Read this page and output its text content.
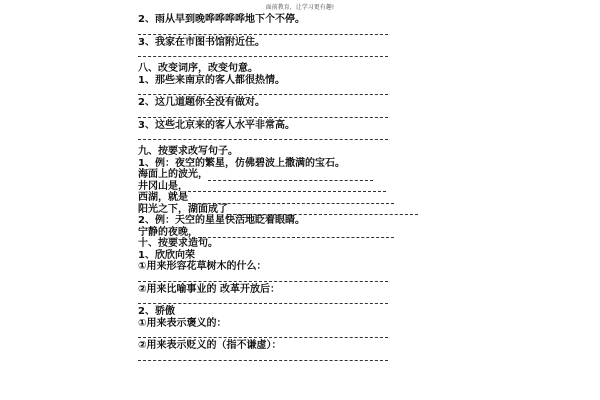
面前教育，让学习更有趣!
2、雨从早到晚哗哗哗哗地下个不停。
3、我家在市图书馆附近住。
八、改变词序，改变句意。
1、那些来南京的客人都很热情。
2、这几道题你全没有做对。
3、这些北京来的客人水平非常高。
九、按要求改写句子。
1、例：夜空的繁星，仿佛碧波上撒满的宝石。
海面上的波光，
井冈山是，
西湖，就是
阳光之下，湖面成了
2、例：天空的星星快活地眨着眼睛。
宁静的夜晚，
十、按要求造句。
1、欣欣向荣
①用来形容花草树木的什么：
②用来比喻事业的 改革开放后：
2、骄傲
①用来表示褒义的：
②用来表示贬义的（指不谦虚）：
